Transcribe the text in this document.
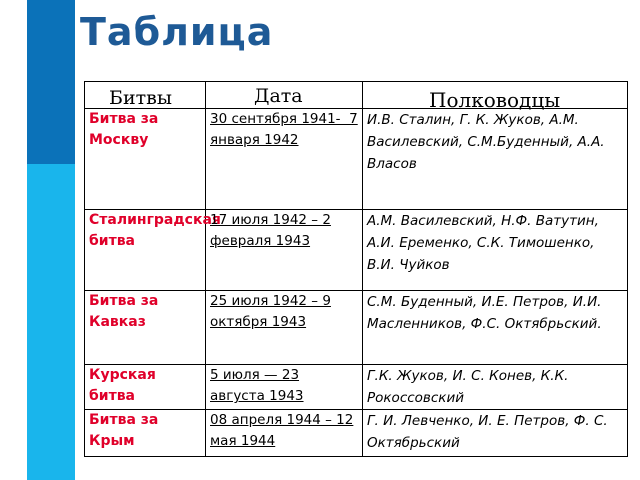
Таблица
Битвы	Дата	Полководцы

Битва за Москву	30 сентября 1941-  7 января 1942	И.В. Сталин, Г. К. Жуков, А.М. Василевский, С.М.Буденный, А.А. Власов
Сталинградская битва	17 июля 1942 – 2 февраля 1943	А.М. Василевский, Н.Ф. Ватутин, А.И. Еременко, С.К. Тимошенко, В.И. Чуйков
Битва за Кавказ	25 июля 1942 – 9 октября 1943	С.М. Буденный, И.Е. Петров, И.И. Масленников, Ф.С. Октябрьский.
Курская битва	5 июля — 23 августа 1943	Г.К. Жуков, И. С. Конев, К.К. Рокоссовский
Битва за Крым	08 апреля 1944 – 12 мая 1944	Г. И. Левченко, И. Е. Петров, Ф. С. Октябрьский
